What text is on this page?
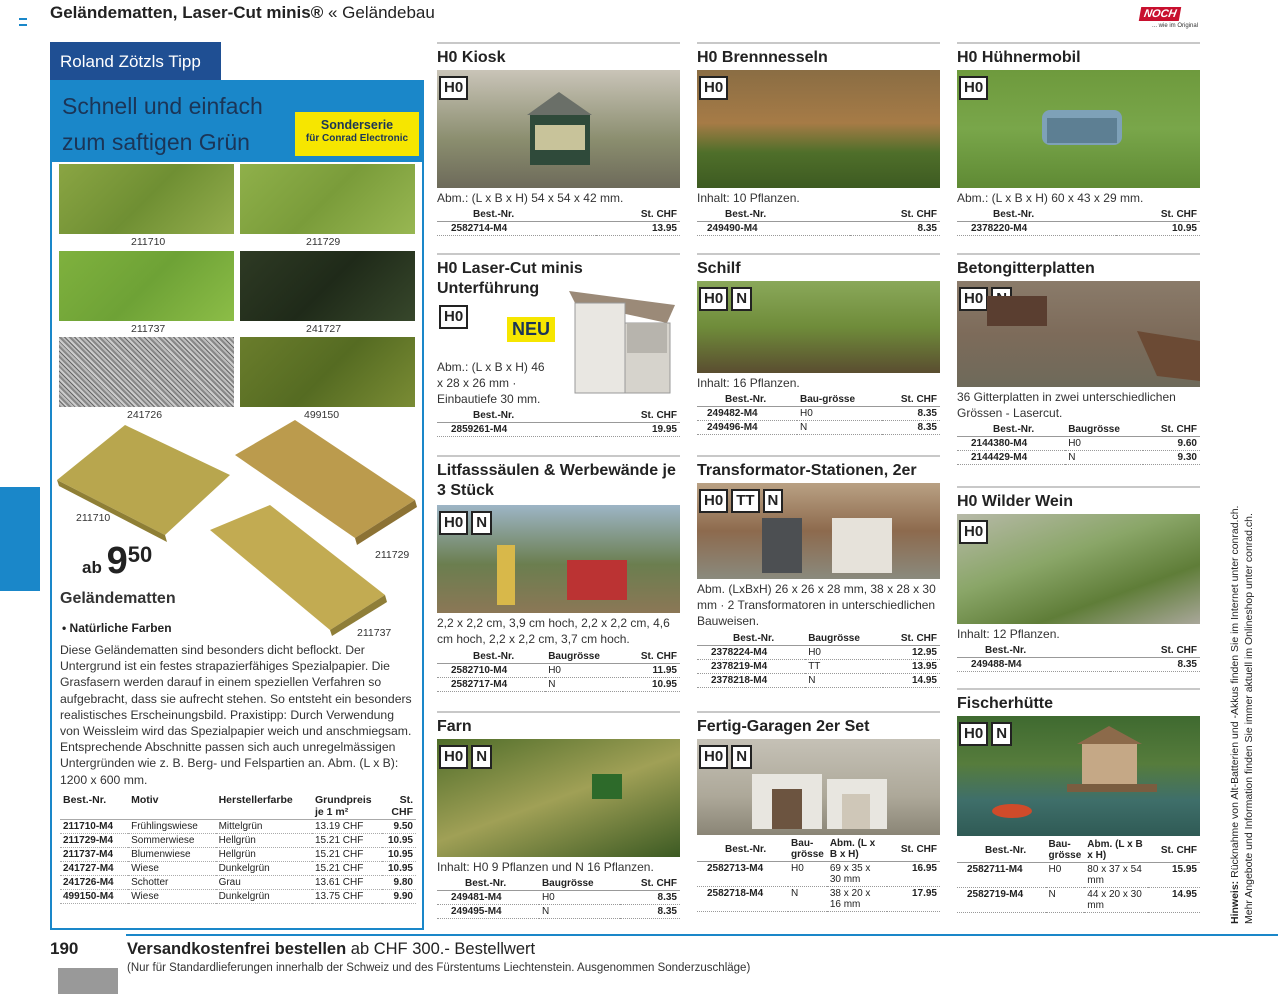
Geländematten, Laser-Cut minis® « Geländebau	NOCH
... wie im Original
Roland Zötzls Tipp
Schnell und einfach
zum saftigen Grün
Sonderserie
für Conrad Electronic
211710	211729
211737	241727
241726	499150
211710
211729
211737
ab $9^{50}$
Geländematten
• Natürliche Farben
Diese Geländematten sind besonders dicht beflockt. Der Untergrund ist ein festes strapazierfähiges Spezialpapier. Die Grasfasern werden darauf in einem speziellen Verfahren so aufgebracht, dass sie aufrecht stehen. So entsteht ein besonders realistisches Erscheinungsbild. Praxistipp: Durch Verwendung von Weissleim wird das Spezialpapier weich und anschmiegsam. Entsprechende Abschnitte passen sich auch unregelmässigen Untergründen wie z. B. Berg- und Felspartien an. Abm. (L x B): 1200 x 600 mm.
Best.-Nr.	Motiv	Herstellerfarbe	Grundpreis je 1 m²	St. CHF
211710-M4	Frühlingswiese	Mittelgrün	13.19 CHF	9.50
211729-M4	Sommerwiese	Hellgrün	15.21 CHF	10.95
211737-M4	Blumenwiese	Hellgrün	15.21 CHF	10.95
241727-M4	Wiese	Dunkelgrün	15.21 CHF	10.95
241726-M4	Schotter	Grau	13.61 CHF	9.80
499150-M4	Wiese	Dunkelgrün	13.75 CHF	9.90
H0 Kiosk
H0
Abm.: (L x B x H) 54 x 54 x 42 mm.
Best.-Nr.	St. CHF
2582714-M4	13.95
H0 Laser-Cut minis Unterführung
H0
Abm.: (L x B x H) 46 x 28 x 26 mm · Einbautiefe 30 mm.
Best.-Nr.	St. CHF
2859261-M4	19.95
NEU
Litfasssäulen & Werbewände je 3 Stück
H0 N
2,2 x 2,2 cm, 3,9 cm hoch, 2,2 x 2,2 cm, 4,6 cm hoch, 2,2 x 2,2 cm, 3,7 cm hoch.
Best.-Nr.	Baugrösse	St. CHF
2582710-M4	H0	11.95
2582717-M4	N	10.95
Farn
H0 N
Inhalt: H0 9 Pflanzen und N 16 Pflanzen.
Best.-Nr.	Baugrösse	St. CHF
249481-M4	H0	8.35
249495-M4	N	8.35
H0 Brennnesseln
H0
Inhalt: 10 Pflanzen.
Best.-Nr.	St. CHF
249490-M4	8.35
Schilf
H0 N
Inhalt: 16 Pflanzen.
Best.-Nr.	Bau-grösse	St. CHF
249482-M4	H0	8.35
249496-M4	N	8.35
Transformator-Stationen, 2er
H0 TT N
Abm. (LxBxH) 26 x 26 x 28 mm, 38 x 28 x 30 mm · 2 Transformatoren in unterschiedlichen Bauweisen.
Best.-Nr.	Baugrösse	St. CHF
2378224-M4	H0	12.95
2378219-M4	TT	13.95
2378218-M4	N	14.95
Fertig-Garagen 2er Set
H0 N
Best.-Nr.	Bau-grösse	Abm. (L x B x H)	St. CHF
2582713-M4	H0	69 x 35 x 30 mm	16.95
2582718-M4	N	38 x 20 x 16 mm	17.95
H0 Hühnermobil
H0
Abm.: (L x B x H) 60 x 43 x 29 mm.
Best.-Nr.	St. CHF
2378220-M4	10.95
Betongitterplatten
H0
36 Gitterplatten in zwei unterschiedlichen Grössen - Lasercut.
Best.-Nr.	Baugrösse	St. CHF
2144380-M4	H0	9.60
2144429-M4	N	9.30
H0 Wilder Wein
H0
Inhalt: 12 Pflanzen.
Best.-Nr.	St. CHF
249488-M4	8.35
Fischerhütte
H0 N
Best.-Nr.	Bau-grösse	Abm. (L x B x H)	St. CHF
2582711-M4	H0	80 x 37 x 54 mm	15.95
2582719-M4	N	44 x 20 x 30 mm	14.95	Hinweis: Rücknahme von Alt-Batterien und -Akkus finden Sie im Internet unter conrad.ch. Mehr Angebote und Information finden Sie immer aktuell im Onlineshop unter conrad.ch.
190	Versandkostenfrei bestellen ab CHF 300.- Bestellwert
(Nur für Standardlieferungen innerhalb der Schweiz und des Fürstentums Liechtenstein. Ausgenommen Sonderzuschläge)
